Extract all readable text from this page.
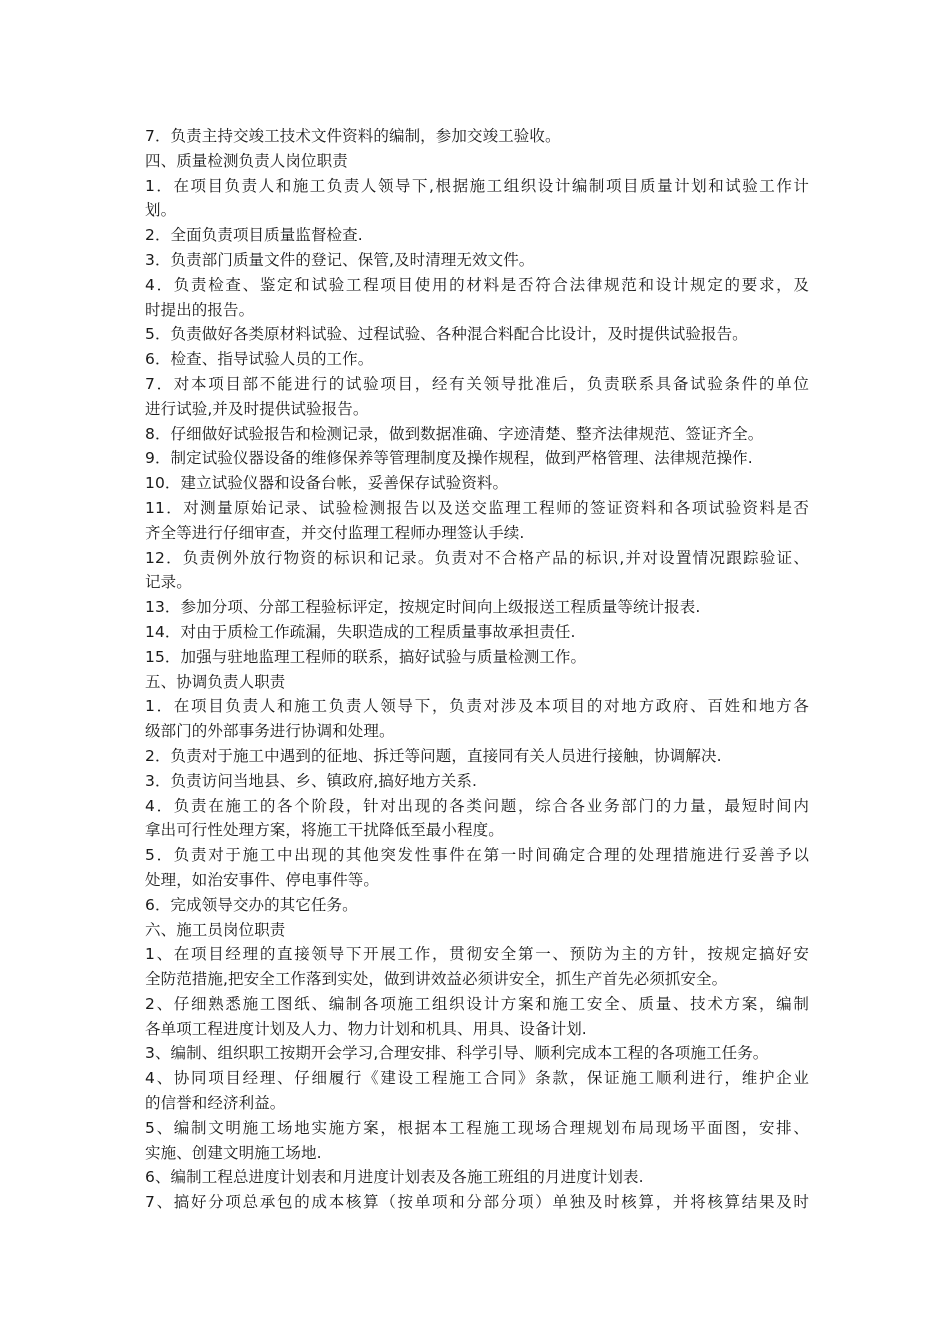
7．负责主持交竣工技术文件资料的编制，参加交竣工验收。
四、质量检测负责人岗位职责
1．在项目负责人和施工负责人领导下,根据施工组织设计编制项目质量计划和试验工作计
划。
2．全面负责项目质量监督检查.
3．负责部门质量文件的登记、保管,及时清理无效文件。
4．负责检查、鉴定和试验工程项目使用的材料是否符合法律规范和设计规定的要求，及
时提出的报告。
5．负责做好各类原材料试验、过程试验、各种混合料配合比设计，及时提供试验报告。
6．检查、指导试验人员的工作。
7．对本项目部不能进行的试验项目，经有关领导批准后，负责联系具备试验条件的单位
进行试验,并及时提供试验报告。
8．仔细做好试验报告和检测记录，做到数据准确、字迹清楚、整齐法律规范、签证齐全。
9．制定试验仪器设备的维修保养等管理制度及操作规程，做到严格管理、法律规范操作.
10．建立试验仪器和设备台帐，妥善保存试验资料。
11．对测量原始记录、试验检测报告以及送交监理工程师的签证资料和各项试验资料是否
齐全等进行仔细审查，并交付监理工程师办理签认手续.
12．负责例外放行物资的标识和记录。负责对不合格产品的标识,并对设置情况跟踪验证、
记录。
13．参加分项、分部工程验标评定，按规定时间向上级报送工程质量等统计报表.
14．对由于质检工作疏漏，失职造成的工程质量事故承担责任.
15．加强与驻地监理工程师的联系，搞好试验与质量检测工作。
五、协调负责人职责
1．在项目负责人和施工负责人领导下，负责对涉及本项目的对地方政府、百姓和地方各
级部门的外部事务进行协调和处理。
2．负责对于施工中遇到的征地、拆迁等问题，直接同有关人员进行接触，协调解决.
3．负责访问当地县、乡、镇政府,搞好地方关系.
4．负责在施工的各个阶段，针对出现的各类问题，综合各业务部门的力量，最短时间内
拿出可行性处理方案，将施工干扰降低至最小程度。
5．负责对于施工中出现的其他突发性事件在第一时间确定合理的处理措施进行妥善予以
处理，如治安事件、停电事件等。
6．完成领导交办的其它任务。
六、施工员岗位职责
1、在项目经理的直接领导下开展工作，贯彻安全第一、预防为主的方针，按规定搞好安
全防范措施,把安全工作落到实处，做到讲效益必须讲安全，抓生产首先必须抓安全。
2、仔细熟悉施工图纸、编制各项施工组织设计方案和施工安全、质量、技术方案，编制
各单项工程进度计划及人力、物力计划和机具、用具、设备计划.
3、编制、组织职工按期开会学习,合理安排、科学引导、顺利完成本工程的各项施工任务。
4、协同项目经理、仔细履行《建设工程施工合同》条款，保证施工顺利进行，维护企业
的信誉和经济利益。
5、编制文明施工场地实施方案，根据本工程施工现场合理规划布局现场平面图，安排、
实施、创建文明施工场地.
6、编制工程总进度计划表和月进度计划表及各施工班组的月进度计划表.
7、搞好分项总承包的成本核算（按单项和分部分项）单独及时核算，并将核算结果及时
